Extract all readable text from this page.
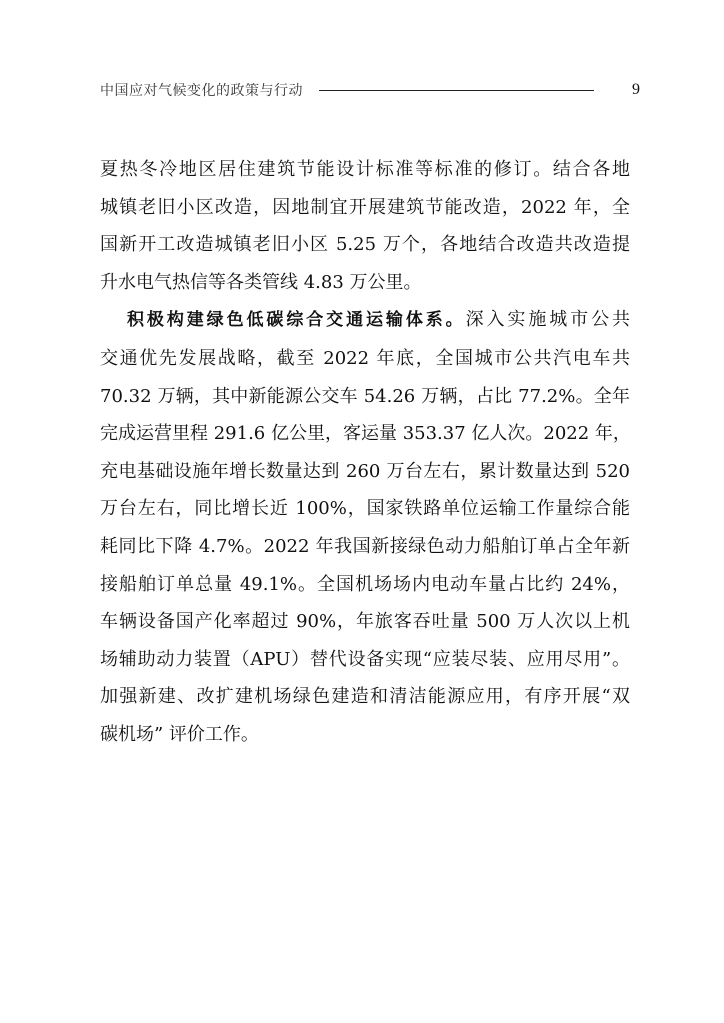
中国应对气候变化的政策与行动	9
夏热冬冷地区居住建筑节能设计标准等标准的修订。结合各地
城镇老旧小区改造，因地制宜开展建筑节能改造，2022 年，全
国新开工改造城镇老旧小区 5.25 万个，各地结合改造共改造提
升水电气热信等各类管线 4.83 万公里。
积极构建绿色低碳综合交通运输体系。深入实施城市公共
交通优先发展战略，截至 2022 年底，全国城市公共汽电车共
70.32 万辆，其中新能源公交车 54.26 万辆，占比 77.2%。全年
完成运营里程 291.6 亿公里，客运量 353.37 亿人次。2022 年，
充电基础设施年增长数量达到 260 万台左右，累计数量达到 520
万台左右，同比增长近 100%，国家铁路单位运输工作量综合能
耗同比下降 4.7%。2022 年我国新接绿色动力船舶订单占全年新
接船舶订单总量 49.1%。全国机场场内电动车量占比约 24%，
车辆设备国产化率超过 90%，年旅客吞吐量 500 万人次以上机
场辅助动力装置（APU）替代设备实现“应装尽装、应用尽用”。
加强新建、改扩建机场绿色建造和清洁能源应用，有序开展“双
碳机场” 评价工作。
